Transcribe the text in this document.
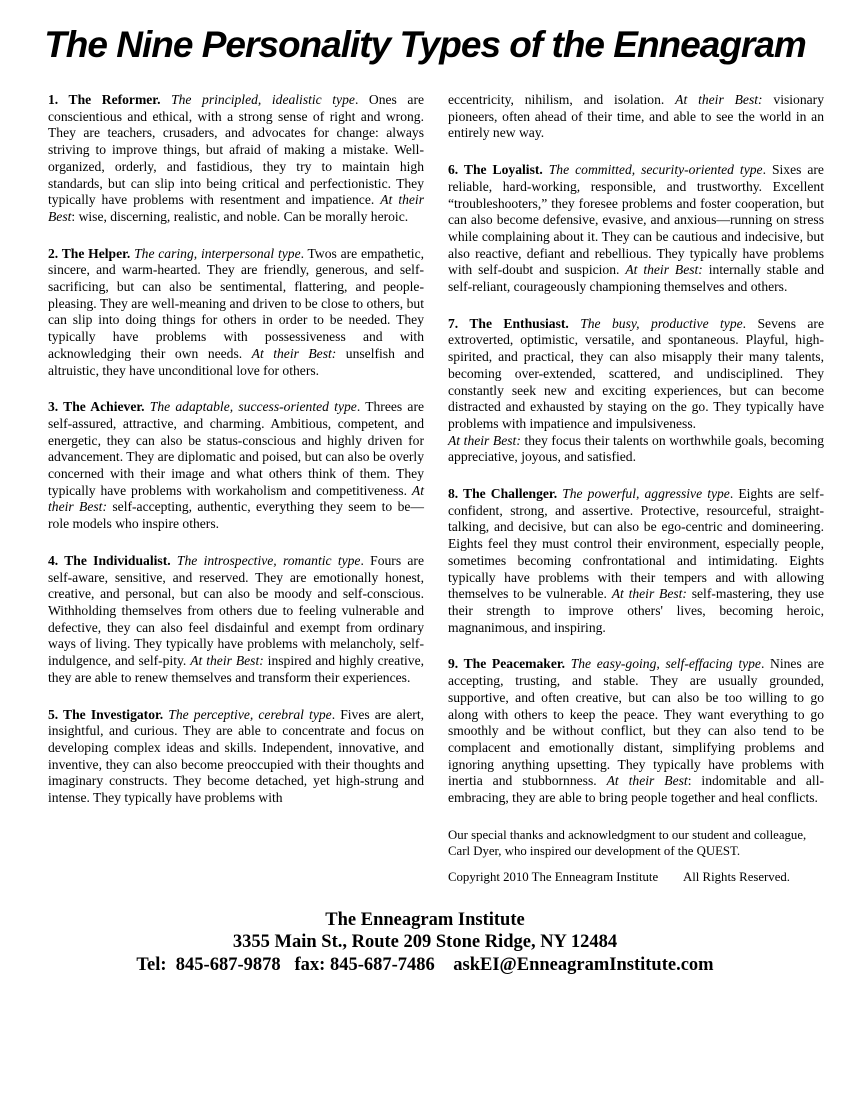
The Nine Personality Types of the Enneagram

1. The Reformer. The principled, idealistic type. Ones are conscientious and ethical, with a strong sense of right and wrong. They are teachers, crusaders, and advocates for change: always striving to improve things, but afraid of making a mistake. Well-organized, orderly, and fastidious, they try to maintain high standards, but can slip into being critical and perfectionistic. They typically have problems with resentment and impatience. At their Best: wise, discerning, realistic, and noble. Can be morally heroic.

2. The Helper. The caring, interpersonal type. Twos are empathetic, sincere, and warm-hearted. They are friendly, generous, and self-sacrificing, but can also be sentimental, flattering, and people-pleasing. They are well-meaning and driven to be close to others, but can slip into doing things for others in order to be needed. They typically have problems with possessiveness and with acknowledging their own needs. At their Best: unselfish and altruistic, they have unconditional love for others.

3. The Achiever. The adaptable, success-oriented type. Threes are self-assured, attractive, and charming. Ambitious, competent, and energetic, they can also be status-conscious and highly driven for advancement. They are diplomatic and poised, but can also be overly concerned with their image and what others think of them. They typically have problems with workaholism and competitiveness. At their Best: self-accepting, authentic, everything they seem to be—role models who inspire others.

4. The Individualist. The introspective, romantic type. Fours are self-aware, sensitive, and reserved. They are emotionally honest, creative, and personal, but can also be moody and self-conscious. Withholding themselves from others due to feeling vulnerable and defective, they can also feel disdainful and exempt from ordinary ways of living. They typically have problems with melancholy, self-indulgence, and self-pity. At their Best: inspired and highly creative, they are able to renew themselves and transform their experiences.

5. The Investigator. The perceptive, cerebral type. Fives are alert, insightful, and curious. They are able to concentrate and focus on developing complex ideas and skills. Independent, innovative, and inventive, they can also become preoccupied with their thoughts and imaginary constructs. They become detached, yet high-strung and intense. They typically have problems with

eccentricity, nihilism, and isolation. At their Best: visionary pioneers, often ahead of their time, and able to see the world in an entirely new way.

6. The Loyalist. The committed, security-oriented type. Sixes are reliable, hard-working, responsible, and trustworthy. Excellent “troubleshooters,” they foresee problems and foster cooperation, but can also become defensive, evasive, and anxious—running on stress while complaining about it. They can be cautious and indecisive, but also reactive, defiant and rebellious. They typically have problems with self-doubt and suspicion. At their Best: internally stable and self-reliant, courageously championing themselves and others.

7. The Enthusiast. The busy, productive type. Sevens are extroverted, optimistic, versatile, and spontaneous. Playful, high-spirited, and practical, they can also misapply their many talents, becoming over-extended, scattered, and undisciplined. They constantly seek new and exciting experiences, but can become distracted and exhausted by staying on the go. They typically have problems with impatience and impulsiveness.
At their Best: they focus their talents on worthwhile goals, becoming appreciative, joyous, and satisfied.

8. The Challenger. The powerful, aggressive type. Eights are self-confident, strong, and assertive. Protective, resourceful, straight-talking, and decisive, but can also be ego-centric and domineering. Eights feel they must control their environment, especially people, sometimes becoming confrontational and intimidating. Eights typically have problems with their tempers and with allowing themselves to be vulnerable. At their Best: self-mastering, they use their strength to improve others' lives, becoming heroic, magnanimous, and inspiring.

9. The Peacemaker. The easy-going, self-effacing type. Nines are accepting, trusting, and stable. They are usually grounded, supportive, and often creative, but can also be too willing to go along with others to keep the peace. They want everything to go smoothly and be without conflict, but they can also tend to be complacent and emotionally distant, simplifying problems and ignoring anything upsetting. They typically have problems with inertia and stubbornness. At their Best: indomitable and all-embracing, they are able to bring people together and heal conflicts.

Our special thanks and acknowledgment to our student and colleague, Carl Dyer, who inspired our development of the QUEST.

Copyright 2010 The Enneagram Institute All Rights Reserved.
The Enneagram Institute
3355 Main St., Route 209 Stone Ridge, NY 12484
Tel:  845-687-9878   fax: 845-687-7486    askEI@EnneagramInstitute.com
